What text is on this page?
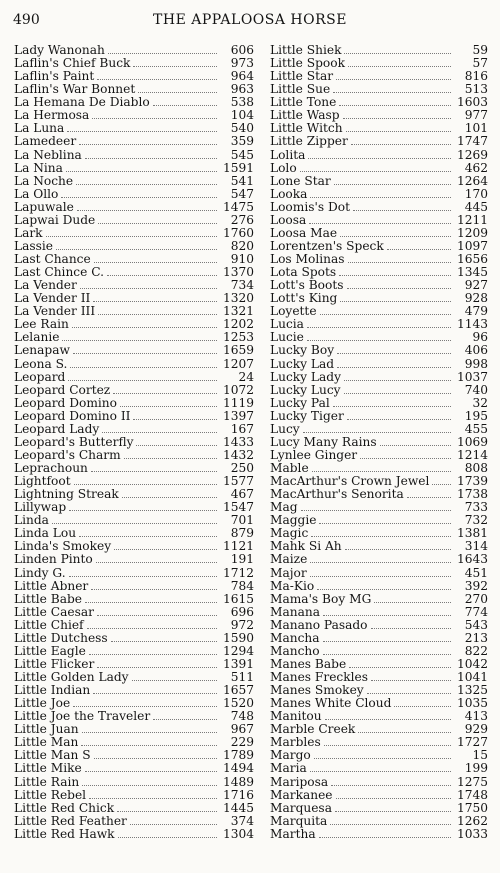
490	THE APPALOOSA HORSE
Lady Wanonah	606
Laflin's Chief Buck	973
Laflin's Paint	964
Laflin's War Bonnet	963
La Hemana De Diablo	538
La Hermosa	104
La Luna	540
Lamedeer	359
La Neblina	545
La Nina	1591
La Noche	541
La Ollo	547
Lapuwale	1475
Lapwai Dude	276
Lark	1760
Lassie	820
Last Chance	910
Last Chince C.	1370
La Vender	734
La Vender II	1320
La Vender III	1321
Lee Rain	1202
Lelanie	1253
Lenapaw	1659
Leona S.	1207
Leopard	24
Leopard Cortez	1072
Leopard Domino	1119
Leopard Domino II	1397
Leopard Lady	167
Leopard's Butterfly	1433
Leopard's Charm	1432
Leprachoun	250
Lightfoot	1577
Lightning Streak	467
Lillywap	1547
Linda	701
Linda Lou	879
Linda's Smokey	1121
Linden Pinto	191
Lindy G.	1712
Little Abner	784
Little Babe	1615
Little Caesar	696
Little Chief	972
Little Dutchess	1590
Little Eagle	1294
Little Flicker	1391
Little Golden Lady	511
Little Indian	1657
Little Joe	1520
Little Joe the Traveler	748
Little Juan	967
Little Man	229
Little Man S	1789
Little Mike	1494
Little Rain	1489
Little Rebel	1716
Little Red Chick	1445
Little Red Feather	374
Little Red Hawk	1304
Little Shiek	59
Little Spook	57
Little Star	816
Little Sue	513
Little Tone	1603
Little Wasp	977
Little Witch	101
Little Zipper	1747
Lolita	1269
Lolo	462
Lone Star	1264
Looka	170
Loomis's Dot	445
Loosa	1211
Loosa Mae	1209
Lorentzen's Speck	1097
Los Molinas	1656
Lota Spots	1345
Lott's Boots	927
Lott's King	928
Loyette	479
Lucia	1143
Lucie	96
Lucky Boy	406
Lucky Lad	998
Lucky Lady	1037
Lucky Lucy	740
Lucky Pal	32
Lucky Tiger	195
Lucy	455
Lucy Many Rains	1069
Lynlee Ginger	1214
Mable	808
MacArthur's Crown Jewel 1739
MacArthur's Senorita	1738
Mag	733
Maggie	732
Magic	1381
Mahk Si Ah	314
Maize	1643
Major	451
Ma-Kio	392
Mama's Boy MG	270
Manana	774
Manano Pasado	543
Mancha	213
Mancho	822
Manes Babe	1042
Manes Freckles	1041
Manes Smokey	1325
Manes White Cloud	1035
Manitou	413
Marble Creek	929
Marbles	1727
Margo	15
Maria	199
Mariposa	1275
Markanee	1748
Marquesa	1750
Marquita	1262
Martha	1033
